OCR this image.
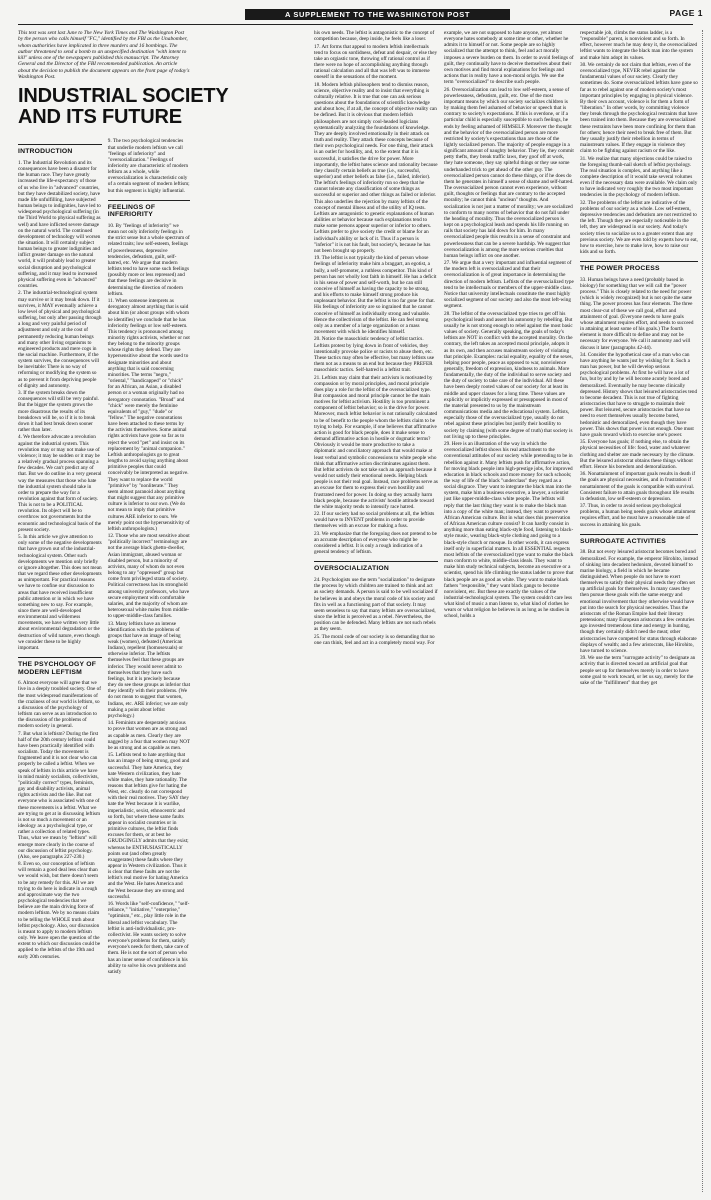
A SUPPLEMENT TO THE WASHINGTON POST	PAGE 1

This text was sent last June to The New York Times and The Washington Post by the person who calls himself "FC," identified by the FBI as the Unabomber, whom authorities have implicated in three murders and 16 bombings. The author threatened to send a bomb to an unspecified destination "with intent to kill" unless one of the newspapers published this manuscript. The Attorney General and the Director of the FBI recommended publication. An article about the decision to publish the document appears on the front page of today's Washington Post.

INDUSTRIAL SOCIETY AND ITS FUTURE
INTRODUCTION

1. The Industrial Revolution and its consequences have been a disaster for the human race. They have greatly increased the life-expectancy of those of us who live in "advanced" countries, but they have destabilized society, have made life unfulfilling, have subjected human beings to indignities, have led to widespread psychological suffering (in the Third World to physical suffering as well) and have inflicted severe damage on the natural world. The continued development of technology will worsen the situation. It will certainly subject human beings to greater indignities and inflict greater damage on the natural world, it will probably lead to greater social disruption and psychological suffering, and it may lead to increased physical suffering even in "advanced" countries.

2. The industrial-technological system may survive or it may break down. If it survives, it MAY eventually achieve a low level of physical and psychological suffering, but only after passing through a long and very painful period of adjustment and only at the cost of permanently reducing human beings and many other living organisms to engineered products and mere cogs in the social machine. Furthermore, if the system survives, the consequences will be inevitable: There is no way of reforming or modifying the system so as to prevent it from depriving people of dignity and autonomy.

3. If the system breaks down the consequences will still be very painful. But the bigger the system grows the more disastrous the results of its breakdown will be, so if it is to break down it had best break down sooner rather than later.

4. We therefore advocate a revolution against the industrial system. This revolution may or may not make use of violence; it may be sudden or it may be a relatively gradual process spanning a few decades. We can't predict any of that. But we do outline in a very general way the measures that those who hate the industrial system should take in order to prepare the way for a revolution against that form of society. This is not to be a POLITICAL revolution. Its object will be to overthrow not governments but the economic and technological basis of the present society.

5. In this article we give attention to only some of the negative developments that have grown out of the industrial-technological system. Other such developments we mention only briefly or ignore altogether. This does not mean that we regard these other developments as unimportant. For practical reasons we have to confine our discussion to areas that have received insufficient public attention or in which we have something new to say. For example, since there are well-developed environmental and wilderness movements, we have written very little about environmental degradation or the destruction of wild nature, even though we consider these to be highly important.

THE PSYCHOLOGY OF MODERN LEFTISM

6. Almost everyone will agree that we live in a deeply troubled society. One of the most widespread manifestations of the craziness of our world is leftism, so a discussion of the psychology of leftism can serve as an introduction to the discussion of the problems of modern society in general.

7. But what is leftism? During the first half of the 20th century leftism could have been practically identified with socialism. Today the movement is fragmented and it is not clear who can properly be called a leftist. When we speak of leftists in this article we have in mind mainly socialists, collectivists, "politically correct" types, feminists, gay and disability activists, animal rights activists and the like. But not everyone who is associated with one of these movements is a leftist. What we are trying to get at in discussing leftism is not so much a movement or an ideology as a psychological type, or rather a collection of related types. Thus, what we mean by "leftism" will emerge more clearly in the course of our discussion of leftist psychology. (Also, see paragraphs 227-230.)

8. Even so, our conception of leftism will remain a good deal less clear than we would wish, but there doesn't seem to be any remedy for this. All we are trying to do here is indicate in a rough and approximate way the two psychological tendencies that we believe are the main driving force of modern leftism. We by no means claim to be telling the WHOLE truth about leftist psychology. Also, our discussion is meant to apply to modern leftism only. We leave open the question of the extent to which our discussion could be applied to the leftists of the 19th and early 20th centuries.

9. The two psychological tendencies that underlie modern leftism we call "feelings of inferiority" and "oversocialization." Feelings of inferiority are characteristic of modern leftism as a whole, while oversocialization is characteristic only of a certain segment of modern leftism; but this segment is highly influential.

FEELINGS OF INFERIORITY

10. By "feelings of inferiority" we mean not only inferiority feelings in the strict sense but a whole spectrum of related traits; low self-esteem, feelings of powerlessness, depressive tendencies, defeatism, guilt, self-hatred, etc. We argue that modern leftists tend to have some such feelings (possibly more or less repressed) and that these feelings are decisive in determining the direction of modern leftism.

11. When someone interprets as derogatory almost anything that is said about him (or about groups with whom he identifies) we conclude that he has inferiority feelings or low self-esteem. This tendency is pronounced among minority rights activists, whether or not they belong to the minority groups whose rights they defend. They are hypersensitive about the words used to designate minorities and about anything that is said concerning minorities. The terms "negro," "oriental," "handicapped" or "chick" for an African, an Asian, a disabled person or a woman originally had no derogatory connotation. "Broad" and "chick" were merely the feminine equivalents of "guy," "dude" or "fellow." The negative connotations have been attached to these terms by the activists themselves. Some animal rights activists have gone so far as to reject the word "pet" and insist on its replacement by "animal companion." Leftish anthropologists go to great lengths to avoid saying anything about primitive peoples that could conceivably be interpreted as negative. They want to replace the world "primitive" by "nonliterate." They seem almost paranoid about anything that might suggest that any primitive culture is inferior to our own. (We do not mean to imply that primitive cultures ARE inferior to ours. We merely point out the hypersensitivity of leftish anthropologists.)

12. Those who are most sensitive about "politically incorrect" terminology are not the average black ghetto-dweller, Asian immigrant, abused woman or disabled person, but a minority of activists, many of whom do not even belong to any "oppressed" group but come from privileged strata of society. Political correctness has its stronghold among university professors, who have secure employment with comfortable salaries, and the majority of whom are heterosexual white males from middle- to upper-middle-class families.

13. Many leftists have an intense identification with the problems of groups that have an image of being weak (women), defeated (American Indians), repellent (homosexuals) or otherwise inferior. The leftists themselves feel that these groups are inferior. They would never admit to themselves that they have such feelings, but it is precisely because they do see these groups as inferior that they identify with their problems. (We do not mean to suggest that women, Indians, etc. ARE inferior; we are only making a point about leftist psychology.)

14. Feminists are desperately anxious to prove that women are as strong and as capable as men. Clearly they are nagged by a fear that women may NOT be as strong and as capable as men.

15. Leftists tend to hate anything that has an image of being strong, good and successful. They hate America, they hate Western civilization, they hate white males, they hate rationality. The reasons that leftists give for hating the West, etc. clearly do not correspond with their real motives. They SAY they hate the West because it is warlike, imperialistic, sexist, ethnocentric and so forth, but where these same faults appear in socialist countries or in primitive cultures, the leftist finds excuses for them, or at best he GRUDGINGLY admits that they exist; whereas he ENTHUSIASTICALLY points out (and often greatly exaggerates) these faults where they appear in Western civilization. Thus it is clear that these faults are not the leftist's real motive for hating America and the West. He hates America and the West because they are strong and successful.

16. Words like "self-confidence," "self-reliance," "initiative," "enterprise," "optimism," etc., play little role in the liberal and leftist vocabulary. The leftist is anti-individualistic, pro-collectivist. He wants society to solve everyone's problems for them, satisfy everyone's needs for them, take care of them. He is not the sort of person who has an inner sense of confidence in his ability to solve his own problems and satisfy

his own needs. The leftist is antagonistic to the concept of competition because, deep inside, he feels like a loser.

17. Art forms that appeal to modern leftish intellectuals tend to focus on sordidness, defeat and despair, or else they take an orgiastic tone, throwing off rational control as if there were no hope of accomplishing anything through rational calculation and all that was left was to immerse oneself in the sensations of the moment.

18. Modern leftish philosophers tend to dismiss reason, science, objective reality and to insist that everything is culturally relative. It is true that one can ask serious questions about the foundations of scientific knowledge and about how, if at all, the concept of objective reality can be defined. But it is obvious that modern leftish philosophers are not simply cool-headed logicians systematically analyzing the foundations of knowledge. They are deeply involved emotionally in their attack on truth and reality. They attack these concepts because of their own psychological needs. For one thing, their attack is an outlet for hostility, and, to the extent that it is successful, it satisfies the drive for power. More importantly, the leftist hates science and rationality because they classify certain beliefs as true (i.e., successful, superior) and other beliefs as false (i.e., failed, inferior). The leftist's feelings of inferiority run so deep that he cannot tolerate any classification of some things as successful or superior and other things as failed or inferior. This also underlies the rejection by many leftists of the concept of mental illness and of the utility of IQ tests. Leftists are antagonistic to genetic explanations of human abilities or behavior because such explanations tend to make some persons appear superior or inferior to others. Leftists prefer to give society the credit or blame for an individual's ability or lack of it. Thus if a person is "inferior" it is not his fault, but society's, because he has not been brought up properly.

19. The leftist is not typically the kind of person whose feelings of inferiority make him a braggart, an egotist, a bully, a self-promoter, a ruthless competitor. This kind of person has not wholly lost faith in himself. He has a deficit in his sense of power and self-worth, but he can still conceive of himself as having the capacity to be strong, and his efforts to make himself strong produce his unpleasant behavior. But the leftist is too far gone for that. His feelings of inferiority are so ingrained that he cannot conceive of himself as individually strong and valuable. Hence the collectivism of the leftist. He can feel strong only as a member of a large organization or a mass movement with which he identifies himself.

20. Notice the masochistic tendency of leftist tactics. Leftists protest by lying down in front of vehicles, they intentionally provoke police or racists to abuse them, etc. These tactics may often be effective, but many leftists use them not as a means to an end but because they PREFER masochistic tactics. Self-hatred is a leftist trait.

21. Leftists may claim that their activism is motivated by compassion or by moral principles, and moral principle does play a role for the leftist of the oversocialized type. But compassion and moral principle cannot be the main motives for leftist activism. Hostility is too prominent a component of leftist behavior; so is the drive for power. Moreover, much leftist behavior is not rationally calculated to be of benefit to the people whom the leftists claim to be trying to help. For example, if one believes that affirmative action is good for black people, does it make sense to demand affirmative action in hostile or dogmatic terms? Obviously it would be more productive to take a diplomatic and conciliatory approach that would make at least verbal and symbolic concessions to white people who think that affirmative action discriminates against them. But leftist activists do not take such an approach because it would not satisfy their emotional needs. Helping black people is not their real goal. Instead, race problems serve as an excuse for them to express their own hostility and frustrated need for power. In doing so they actually harm black people, because the activists' hostile attitude toward the white majority tends to intensify race hatred.

22. If our society had no social problems at all, the leftists would have to INVENT problems in order to provide themselves with an excuse for making a fuss.

23. We emphasize that the foregoing does not pretend to be an accurate description of everyone who might be considered a leftist. It is only a rough indication of a general tendency of leftism.

OVERSOCIALIZATION

24. Psychologists use the term "socialization" to designate the process by which children are trained to think and act as society demands. A person is said to be well socialized if he believes in and obeys the moral code of his society and fits in well as a functioning part of that society. It may seem senseless to say that many leftists are oversocialized, since the leftist is perceived as a rebel. Nevertheless, the position can be defended. Many leftists are not such rebels as they seem.

25. The moral code of our society is so demanding that no one can think, feel and act in a completely moral way. For

example, we are not supposed to hate anyone, yet almost everyone hates somebody at some time or other, whether he admits it to himself or not. Some people are so highly socialized that the attempt to think, feel and act morally imposes a severe burden on them. In order to avoid feelings of guilt, they continually have to deceive themselves about their own motives and find moral explanations for feelings and actions that in reality have a non-moral origin. We use the term "oversocialized" to describe such people.

26. Oversocialization can lead to low self-esteem, a sense of powerlessness, defeatism, guilt, etc. One of the most important means by which our society socializes children is by making them feel ashamed of behavior or speech that is contrary to society's expectations. If this is overdone, or if a particular child is especially susceptible to such feelings, he ends by feeling ashamed of HIMSELF. Moreover the thought and the behavior of the oversocialized person are more restricted by society's expectations than are those of the lightly socialized person. The majority of people engage in a significant amount of naughty behavior. They lie, they commit petty thefts, they break traffic laws, they goof off at work, they hate someone, they say spiteful things or they use some underhanded trick to get ahead of the other guy. The oversocialized person cannot do these things, or if he does do them he generates in himself a sense of shame and self-hatred. The oversocialized person cannot even experience, without guilt, thoughts or feelings that are contrary to the accepted morality; he cannot think "unclean" thoughts. And socialization is not just a matter of morality; we are socialized to conform to many norms of behavior that do not fall under the heading of morality. Thus the oversocialized person is kept on a psychological leash and spends his life running on rails that society has laid down for him. In many oversocialized people this results in a sense of constraint and powerlessness that can be a severe hardship. We suggest that oversocialization is among the more serious cruelties that human beings inflict on one another.

27. We argue that a very important and influential segment of the modern left is oversocialized and that their oversocialization is of great importance in determining the direction of modern leftism. Leftists of the oversocialized type tend to be intellectuals or members of the upper-middle class. Notice that university intellectuals constitute the most highly socialized segment of our society and also the most left-wing segment.

28. The leftist of the oversocialized type tries to get off his psychological leash and assert his autonomy by rebelling. But usually he is not strong enough to rebel against the most basic values of society. Generally speaking, the goals of today's leftists are NOT in conflict with the accepted morality. On the contrary, the left takes an accepted moral principle, adopts it as its own, and then accuses mainstream society of violating that principle. Examples: racial equality, equality of the sexes, helping poor people, peace as opposed to war, nonviolence generally, freedom of expression, kindness to animals. More fundamentally, the duty of the individual to serve society and the duty of society to take care of the individual. All these have been deeply rooted values of our society for at least its middle and upper classes for a long time. These values are explicitly or implicitly expressed or presupposed in most of the material presented to us by the mainstream communications media and the educational system. Leftists, especially those of the oversocialized type, usually do not rebel against these principles but justify their hostility to society by claiming (with some degree of truth) that society is not living up to these principles.

29. Here is an illustration of the way in which the oversocialized leftist shows his real attachment to the conventional attitudes of our society while pretending to be in rebellion against it. Many leftists push for affirmative action, for moving black people into high-prestige jobs, for improved education in black schools and more money for such schools; the way of life of the black "underclass" they regard as a social disgrace. They want to integrate the black man into the system, make him a business executive, a lawyer, a scientist just like upper-middle-class white people. The leftists will reply that the last thing they want is to make the black man into a copy of the white man; instead, they want to preserve African American culture. But in what does this preservation of African American culture consist? It can hardly consist in anything more than eating black-style food, listening to black-style music, wearing black-style clothing and going to a black-style church or mosque. In other words, it can express itself only in superficial matters. In all ESSENTIAL respects most leftists of the oversocialized type want to make the black man conform to white, middle-class ideals. They want to make him study technical subjects, become an executive or a scientist, spend his life climbing the status ladder to prove that black people are as good as white. They want to make black fathers "responsible," they want black gangs to become nonviolent, etc. But these are exactly the values of the industrial-technological system. The system couldn't care less what kind of music a man listens to, what kind of clothes he wears or what religion he believes in as long as he studies in school, holds a

respectable job, climbs the status ladder, is a "responsible" parent, is nonviolent and so forth. In effect, however much he may deny it, the oversocialized leftist wants to integrate the black man into the system and make him adopt its values.

30. We certainly do not claim that leftists, even of the oversocialized type, NEVER rebel against the fundamental values of our society. Clearly they sometimes do. Some oversocialized leftists have gone so far as to rebel against one of modern society's most important principles by engaging in physical violence. By their own account, violence is for them a form of "liberation." In other words, by committing violence they break through the psychological restraints that have been trained into them. Because they are oversocialized these restraints have been more confining for them than for others; hence their need to break free of them. But they usually justify their rebellion in terms of mainstream values. If they engage in violence they claim to be fighting against racism or the like.

31. We realize that many objections could be raised to the foregoing thumb-nail sketch of leftist psychology. The real situation is complex, and anything like a complete description of it would take several volumes even if the necessary data were available. We claim only to have indicated very roughly the two most important tendencies in the psychology of modern leftism.

32. The problems of the leftist are indicative of the problems of our society as a whole. Low self-esteem, depressive tendencies and defeatism are not restricted to the left. Though they are especially noticeable in the left, they are widespread in our society. And today's society tries to socialize us to a greater extent than any previous society. We are even told by experts how to eat, how to exercise, how to make love, how to raise our kids and so forth.

THE POWER PROCESS

33. Human beings have a need (probably based in biology) for something that we will call the "power process." This is closely related to the need for power (which is widely recognized) but is not quite the same thing. The power process has four elements. The three most clear-cut of these we call goal, effort and attainment of goal. (Everyone needs to have goals whose attainment requires effort, and needs to succeed in attaining at least some of his goals.) The fourth element is more difficult to define and may not be necessary for everyone. We call it autonomy and will discuss it later (paragraphs 42-44).

34. Consider the hypothetical case of a man who can have anything he wants just by wishing for it. Such a man has power, but he will develop serious psychological problems. At first he will have a lot of fun, but by and by he will become acutely bored and demoralized. Eventually he may become clinically depressed. History shows that leisured aristocracies tend to become decadent. This is not true of fighting aristocracies that have to struggle to maintain their power. But leisured, secure aristocracies that have no need to exert themselves usually become bored, hedonistic and demoralized, even though they have power. This shows that power is not enough. One must have goals toward which to exercise one's power.

35. Everyone has goals; if nothing else, to obtain the physical necessities of life: food, water and whatever clothing and shelter are made necessary by the climate. But the leisured aristocrat obtains these things without effort. Hence his boredom and demoralization.

36. Nonattainment of important goals results in death if the goals are physical necessities, and in frustration if nonattainment of the goals is compatible with survival. Consistent failure to attain goals throughout life results in defeatism, low self-esteem or depression.

37. Thus, in order to avoid serious psychological problems, a human being needs goals whose attainment requires effort, and he must have a reasonable rate of success in attaining his goals.

SURROGATE ACTIVITIES

38. But not every leisured aristocrat becomes bored and demoralized. For example, the emperor Hirohito, instead of sinking into decadent hedonism, devoted himself to marine biology, a field in which he became distinguished. When people do not have to exert themselves to satisfy their physical needs they often set up artificial goals for themselves. In many cases they then pursue these goals with the same energy and emotional involvement that they otherwise would have put into the search for physical necessities. Thus the aristocrats of the Roman Empire had their literary pretensions; many European aristocrats a few centuries ago invested tremendous time and energy in hunting, though they certainly didn't need the meat; other aristocracies have competed for status through elaborate displays of wealth; and a few aristocrats, like Hirohito, have turned to science.

39. We use the term "surrogate activity" to designate an activity that is directed toward an artificial goal that people set up for themselves merely in order to have some goal to work toward, or let us say, merely for the sake of the "fulfillment" that they get
